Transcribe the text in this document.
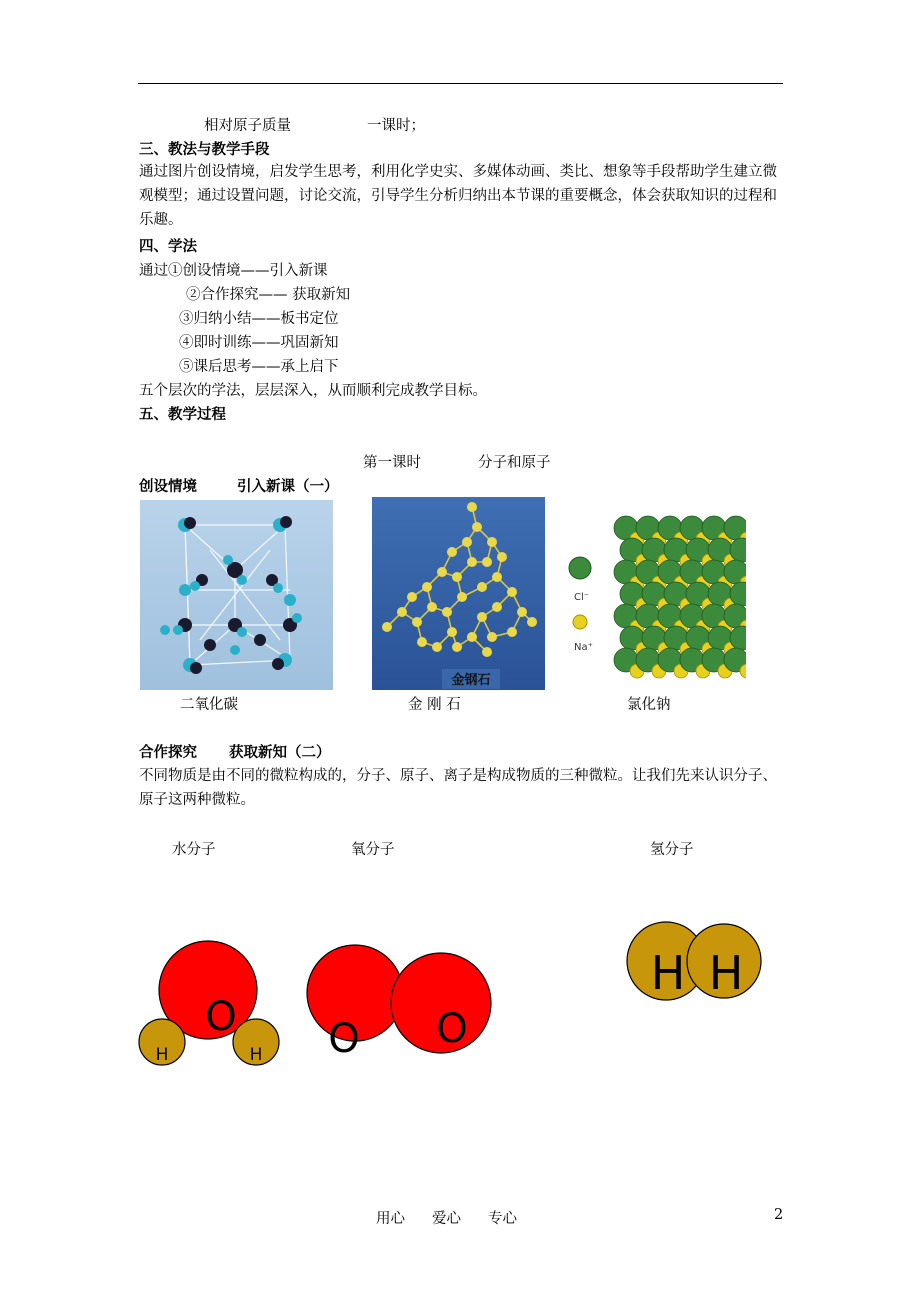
相对原子质量	一课时；
三、教法与教学手段
通过图片创设情境，启发学生思考，利用化学史实、多媒体动画、类比、想象等手段帮助学生建立微观模型；通过设置问题，讨论交流，引导学生分析归纳出本节课的重要概念，体会获取知识的过程和乐趣。
四、学法
通过①创设情境——引入新课
②合作探究—— 获取新知
③归纳小结——板书定位
④即时训练——巩固新知
⑤课后思考——承上启下
五个层次的学法，层层深入，从而顺利完成教学目标。
五、教学过程
第一课时	分子和原子
创设情境	引入新课（一）
金钢石
Cl⁻
Na⁺
二氧化碳	金 刚 石	氯化钠
合作探究 获取新知（二）
不同物质是由不同的微粒构成的，分子、原子、离子是构成物质的三种微粒。让我们先来认识分子、原子这两种微粒。
水分子	氧分子	氢分子
O
H	H O O
H H
用心 爱心 专心	2
